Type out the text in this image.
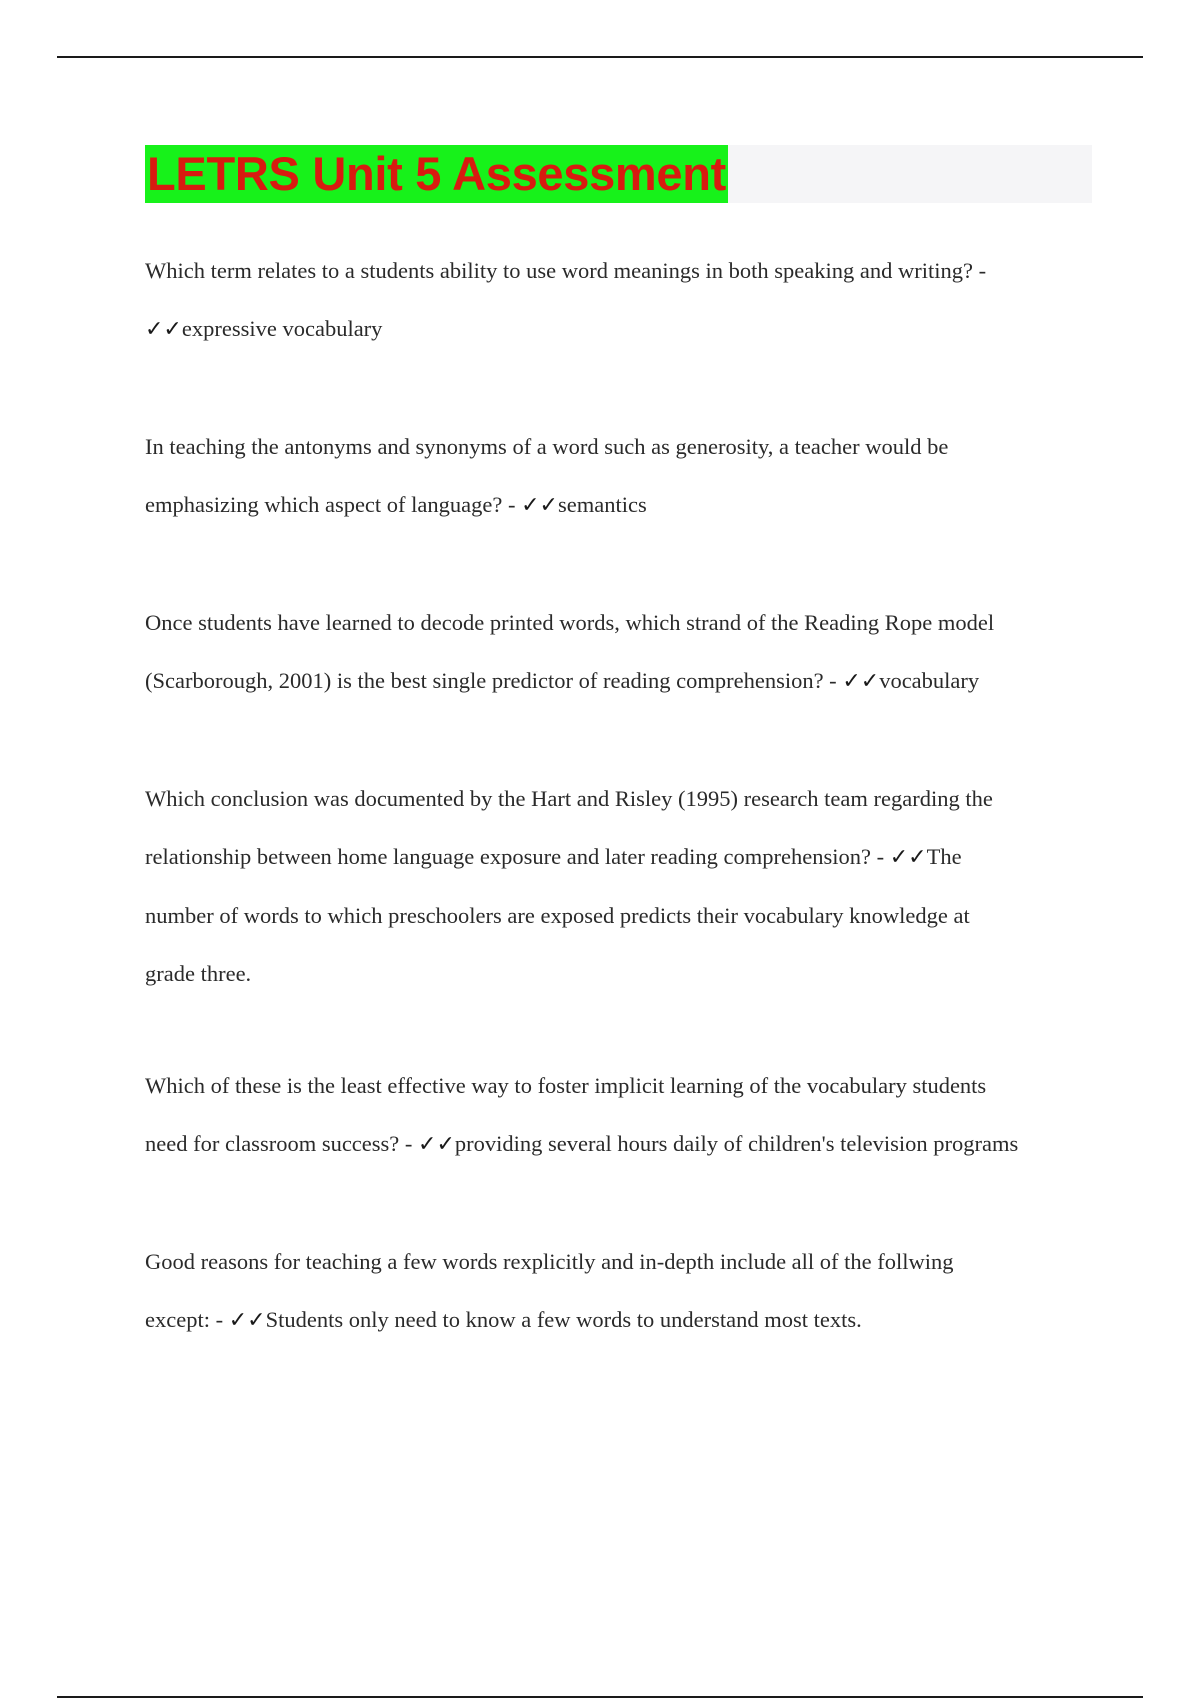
LETRS Unit 5 Assessment
Which term relates to a students ability to use word meanings in both speaking and writing? -
✓✓expressive vocabulary
In teaching the antonyms and synonyms of a word such as generosity, a teacher would be
emphasizing which aspect of language? - ✓✓semantics
Once students have learned to decode printed words, which strand of the Reading Rope model
(Scarborough, 2001) is the best single predictor of reading comprehension? - ✓✓vocabulary
Which conclusion was documented by the Hart and Risley (1995) research team regarding the
relationship between home language exposure and later reading comprehension? - ✓✓The
number of words to which preschoolers are exposed predicts their vocabulary knowledge at
grade three.
Which of these is the least effective way to foster implicit learning of the vocabulary students
need for classroom success? - ✓✓providing several hours daily of children's television programs
Good reasons for teaching a few words rexplicitly and in-depth include all of the follwing
except: - ✓✓Students only need to know a few words to understand most texts.
